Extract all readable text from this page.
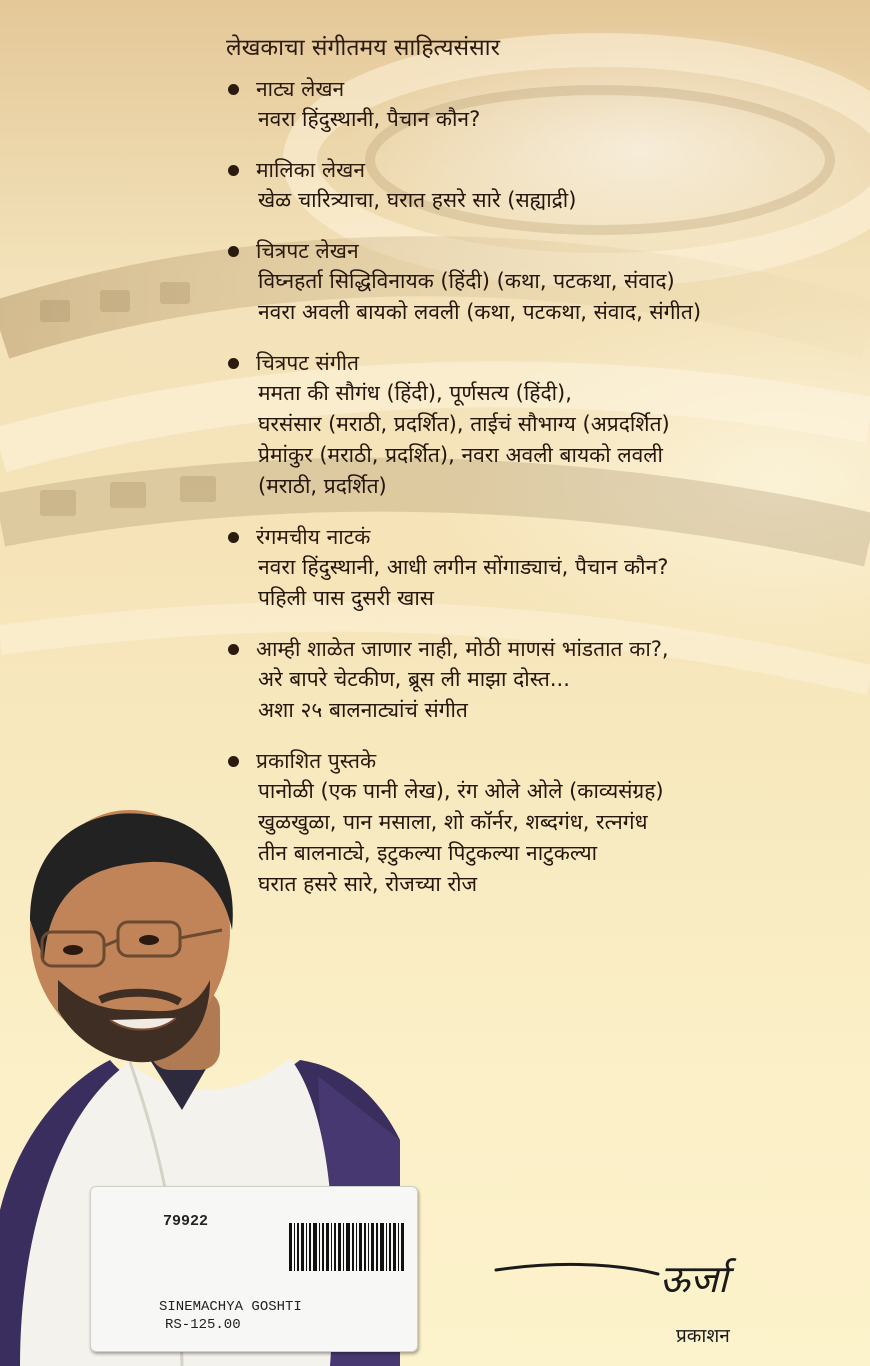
लेखकाचा संगीतमय साहित्यसंसार
नाट्य लेखन
नवरा हिंदुस्थानी, पैचान कौन?
मालिका लेखन
खेळ चारित्र्याचा, घरात हसरे सारे (सह्याद्री)
चित्रपट लेखन
विघ्नहर्ता सिद्धिविनायक (हिंदी) (कथा, पटकथा, संवाद)
नवरा अवली बायको लवली (कथा, पटकथा, संवाद, संगीत)
चित्रपट संगीत
ममता की सौगंध (हिंदी), पूर्णसत्य (हिंदी),
घरसंसार (मराठी, प्रदर्शित), ताईचं सौभाग्य (अप्रदर्शित)
प्रेमांकुर (मराठी, प्रदर्शित), नवरा अवली बायको लवली
(मराठी, प्रदर्शित)
रंगमचीय नाटकं
नवरा हिंदुस्थानी, आधी लगीन सोंगाड्याचं, पैचान कौन?
पहिली पास दुसरी खास
आम्ही शाळेत जाणार नाही, मोठी माणसं भांडतात का?,
अरे बापरे चेटकीण, ब्रूस ली माझा दोस्त...
अशा २५ बालनाट्यांचं संगीत
प्रकाशित पुस्तके
पानोळी (एक पानी लेख), रंग ओले ओले (काव्यसंग्रह)
खुळखुळा, पान मसाला, शो कॉर्नर, शब्दगंध, रत्नगंध
तीन बालनाट्ये, इटुकल्या पिटुकल्या नाटुकल्या
घरात हसरे सारे, रोजच्या रोज
79922
SINEMACHYA GOSHTI
RS-125.00
ऊर्जा
प्रकाशन
